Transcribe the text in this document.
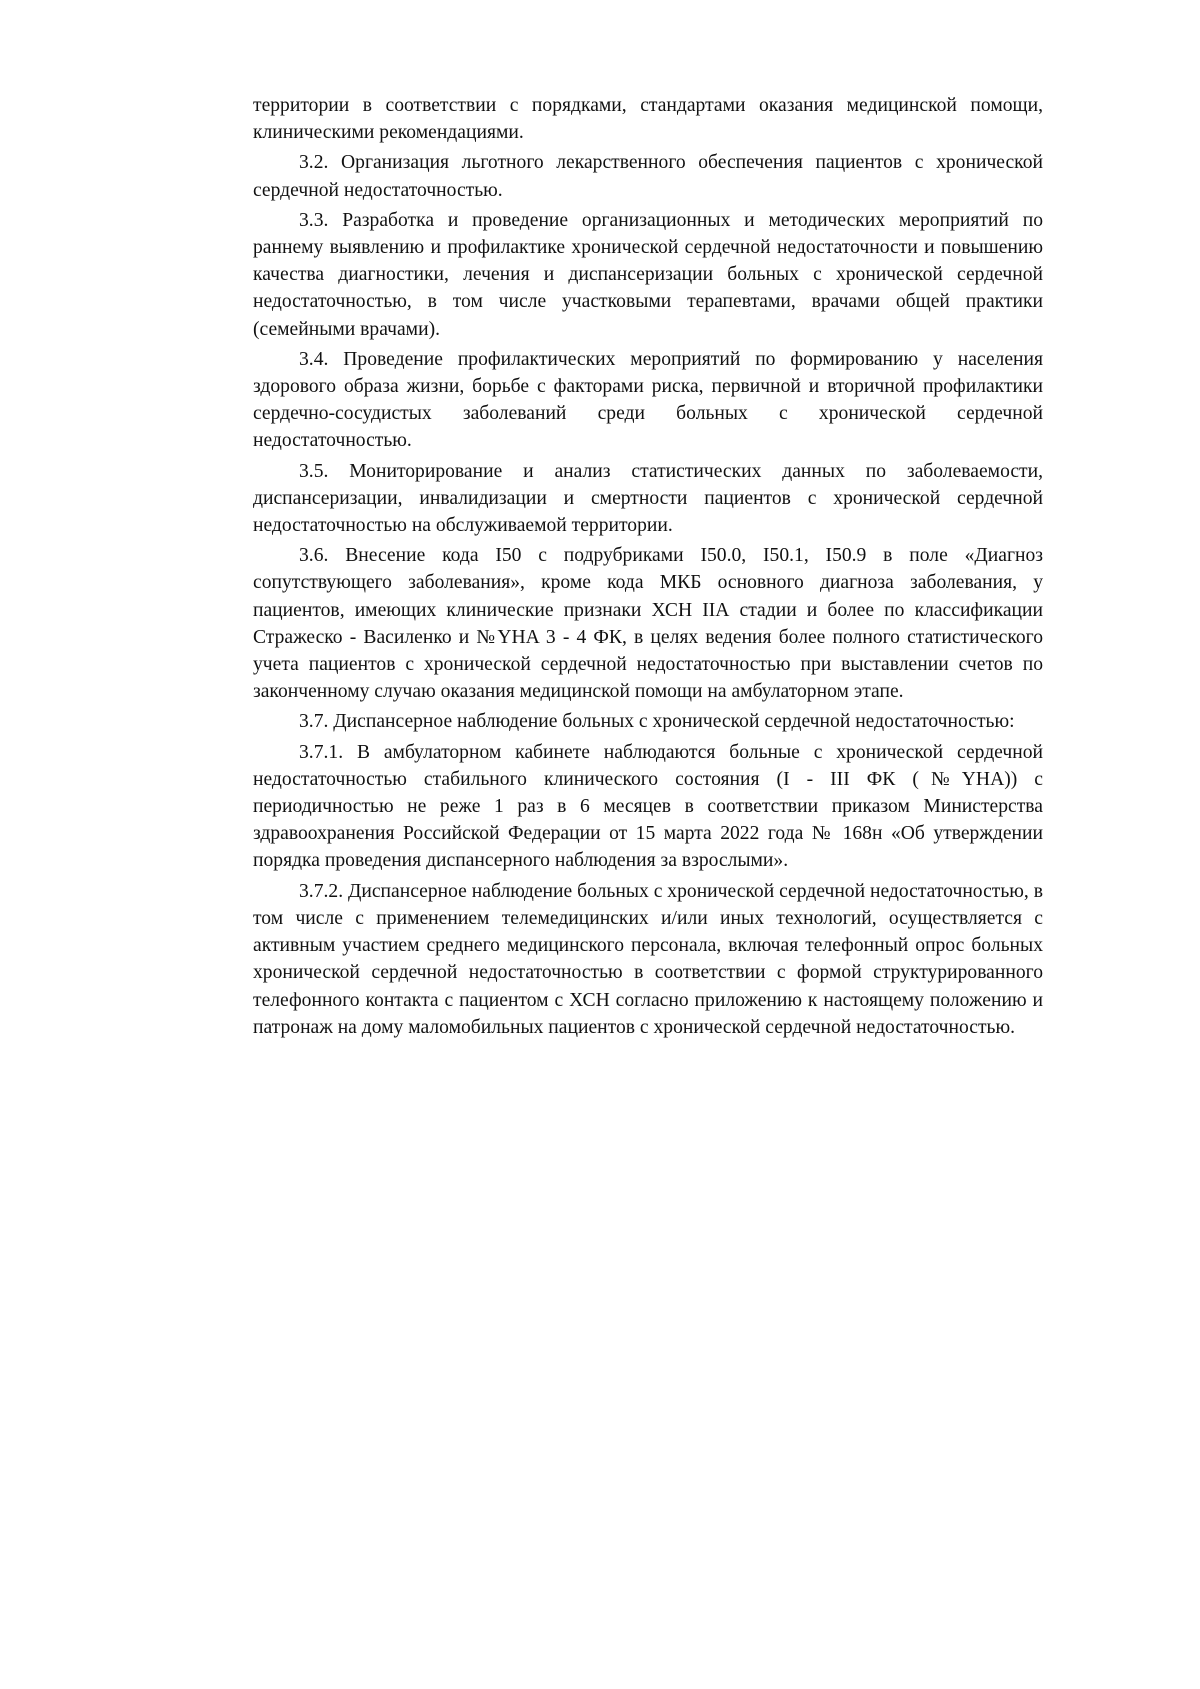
территории в соответствии с порядками, стандартами оказания медицинской помощи, клиническими рекомендациями.

3.2. Организация льготного лекарственного обеспечения пациентов с хронической сердечной недостаточностью.

3.3. Разработка и проведение организационных и методических мероприятий по раннему выявлению и профилактике хронической сердечной недостаточности и повышению качества диагностики, лечения и диспансеризации больных с хронической сердечной недостаточностью, в том числе участковыми терапевтами, врачами общей практики (семейными врачами).

3.4. Проведение профилактических мероприятий по формированию у населения здорового образа жизни, борьбе с факторами риска, первичной и вторичной профилактики сердечно-сосудистых заболеваний среди больных с хронической сердечной недостаточностью.

3.5. Мониторирование и анализ статистических данных по заболеваемости, диспансеризации, инвалидизации и смертности пациентов с хронической сердечной недостаточностью на обслуживаемой территории.

3.6. Внесение кода I50 с подрубриками I50.0, I50.1, I50.9 в поле «Диагноз сопутствующего заболевания», кроме кода МКБ основного диагноза заболевания, у пациентов, имеющих клинические признаки ХСН IIА стадии и более по классификации Стражеско - Василенко и №YHA 3 - 4 ФК, в целях ведения более полного статистического учета пациентов с хронической сердечной недостаточностью при выставлении счетов по законченному случаю оказания медицинской помощи на амбулаторном этапе.

3.7. Диспансерное наблюдение больных с хронической сердечной недостаточностью:

3.7.1. В амбулаторном кабинете наблюдаются больные с хронической сердечной недостаточностью стабильного клинического состояния (I - III ФК (№YHA)) с периодичностью не реже 1 раз в 6 месяцев в соответствии приказом Министерства здравоохранения Российской Федерации от 15 марта 2022 года № 168н «Об утверждении порядка проведения диспансерного наблюдения за взрослыми».

3.7.2. Диспансерное наблюдение больных с хронической сердечной недостаточностью, в том числе с применением телемедицинских и/или иных технологий, осуществляется с активным участием среднего медицинского персонала, включая телефонный опрос больных хронической сердечной недостаточностью в соответствии с формой структурированного телефонного контакта с пациентом с ХСН согласно приложению к настоящему положению и патронаж на дому маломобильных пациентов с хронической сердечной недостаточностью.
